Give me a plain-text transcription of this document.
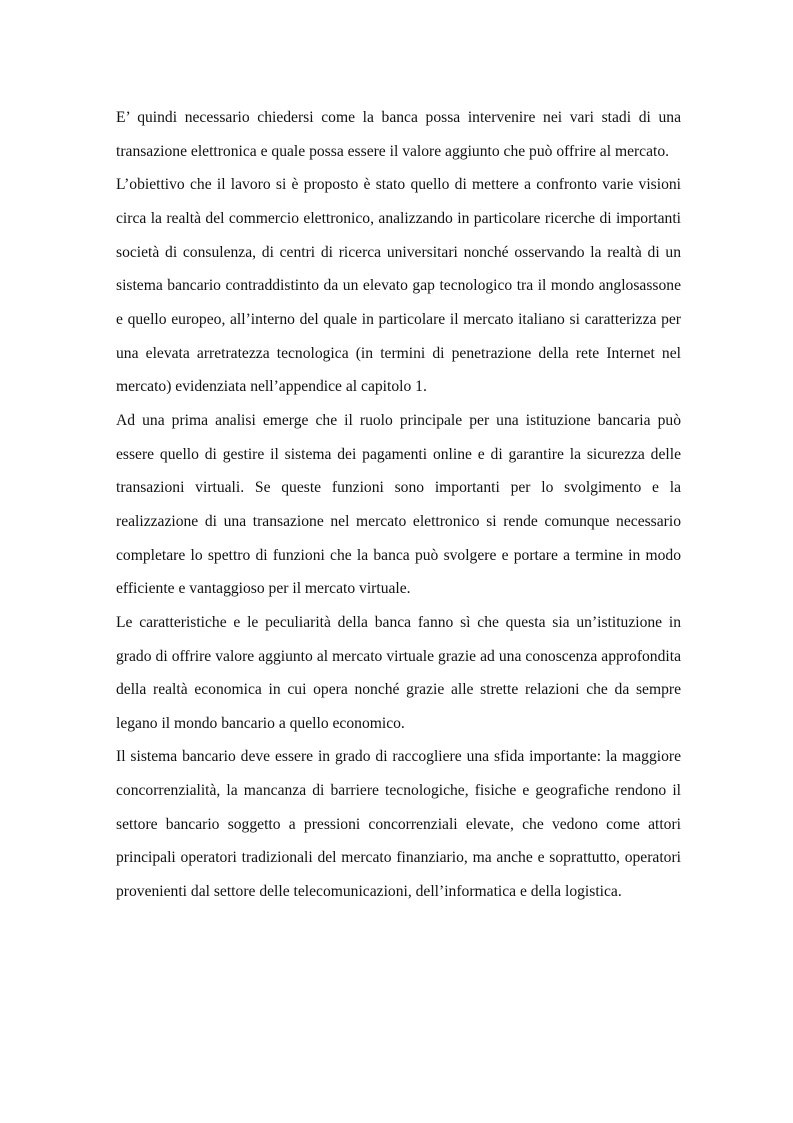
E’ quindi necessario chiedersi come la banca possa intervenire nei vari stadi di una transazione elettronica e quale possa essere il valore aggiunto che può offrire al mercato.

L’obiettivo che il lavoro si è proposto è stato quello di mettere a confronto varie visioni circa la realtà del commercio elettronico, analizzando in particolare ricerche di importanti società di consulenza, di centri di ricerca universitari nonché osservando la realtà di un sistema bancario contraddistinto da un elevato gap tecnologico tra il mondo anglosassone e quello europeo, all’interno del quale in particolare il mercato italiano si caratterizza per una elevata arretratezza tecnologica (in termini di penetrazione della rete Internet nel mercato) evidenziata nell’appendice al capitolo 1.

Ad una prima analisi emerge che il ruolo principale per una istituzione bancaria può essere quello di gestire il sistema dei pagamenti online e di garantire la sicurezza delle transazioni virtuali. Se queste funzioni sono importanti per lo svolgimento e la realizzazione di una transazione nel mercato elettronico si rende comunque necessario completare lo spettro di funzioni che la banca può svolgere e portare a termine in modo efficiente e vantaggioso per il mercato virtuale.

Le caratteristiche e le peculiarità della banca fanno sì che questa sia un’istituzione in grado di offrire valore aggiunto al mercato virtuale grazie ad una conoscenza approfondita della realtà economica in cui opera nonché grazie alle strette relazioni che da sempre legano il mondo bancario a quello economico.

Il sistema bancario deve essere in grado di raccogliere una sfida importante: la maggiore concorrenzialità, la mancanza di barriere tecnologiche, fisiche e geografiche rendono il settore bancario soggetto a pressioni concorrenziali elevate, che vedono come attori principali operatori tradizionali del mercato finanziario, ma anche e soprattutto, operatori provenienti dal settore delle telecomunicazioni, dell’informatica e della logistica.
